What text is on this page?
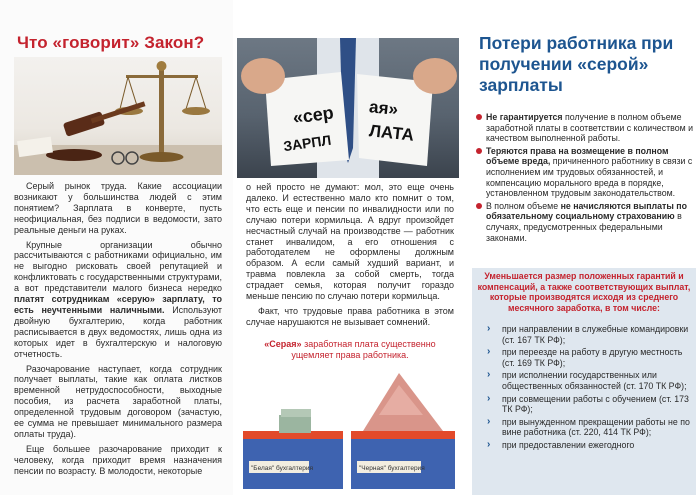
Что «говорит» Закон?

Серый рынок труда. Какие ассоциации возникают у большинства людей с этим понятием? Зарплата в конверте, пусть неофициальная, без подписи в ведомости, зато реальные деньги на руках.

Крупные организации обычно рассчитываются с работниками официально, им не выгодно рисковать своей репутацией и конфликтовать с государственными структурами, а вот представители малого бизнеса нередко платят сотрудникам «серую» зарплату, то есть неучтенными наличными. Используют двойную бухгалтерию, когда работник расписывается в двух ведомостях, лишь одна из которых идет в бухгалтерскую и налоговую отчетность.

Разочарование наступает, когда сотрудник получает выплаты, такие как оплата листков временной нетрудоспособности, выходные пособия, из расчета заработной платы, определенной трудовым договором (зачастую, ее сумма не превышает минимального размера оплаты труда).

Еще большее разочарование приходит к человеку, когда приходит время назначения пенсии по возрасту. В молодости, некоторые

«сер
ЗАРПЛ
ая»
ЛАТА

о ней просто не думают: мол, это еще очень далеко. И естественно мало кто помнит о том, что есть еще и пенсии по инвалидности или по случаю потери кормильца. А вдруг произойдет несчастный случай на производстве — работник станет инвалидом, а его отношения с работодателем не оформлены должным образом. А если самый худший вариант, и травма повлекла за собой смерть, тогда страдает семья, которая получит гораздо меньше пенсию по случаю потери кормильца.

Факт, что трудовые права работника в этом случае нарушаются не вызывает сомнений.

«Серая» заработная плата существенно ущемляет права работника.
"Белая" бухгалтерия	"Черная" бухгалтерия
Потери работника при получении «серой» зарплаты
Не гарантируется получение в полном объеме заработной платы в соответствии с количеством и качеством выполненной работы.
Теряются права на возмещение в полном объеме вреда, причиненного работнику в связи с исполнением им трудовых обязанностей, и компенсацию морального вреда в порядке, установленном трудовым законодательством.
В полном объеме не начисляются выплаты по обязательному социальному страхованию в случаях, предусмотренных федеральными законами.
Уменьшается размер положенных гарантий и компенсаций, а также соответствующих выплат, которые производятся исходя из среднего месячного заработка, в том числе:
› при направлении в служебные командировки (ст. 167 ТК РФ);
› при переезде на работу в другую местность (ст. 169 ТК РФ);
› при исполнении государственных или общественных обязанностей (ст. 170 ТК РФ);
› при совмещении работы с обучением (ст. 173 ТК РФ);
› при вынужденном прекращении работы не по вине работника (ст. 220, 414 ТК РФ);
› при предоставлении ежегодного
